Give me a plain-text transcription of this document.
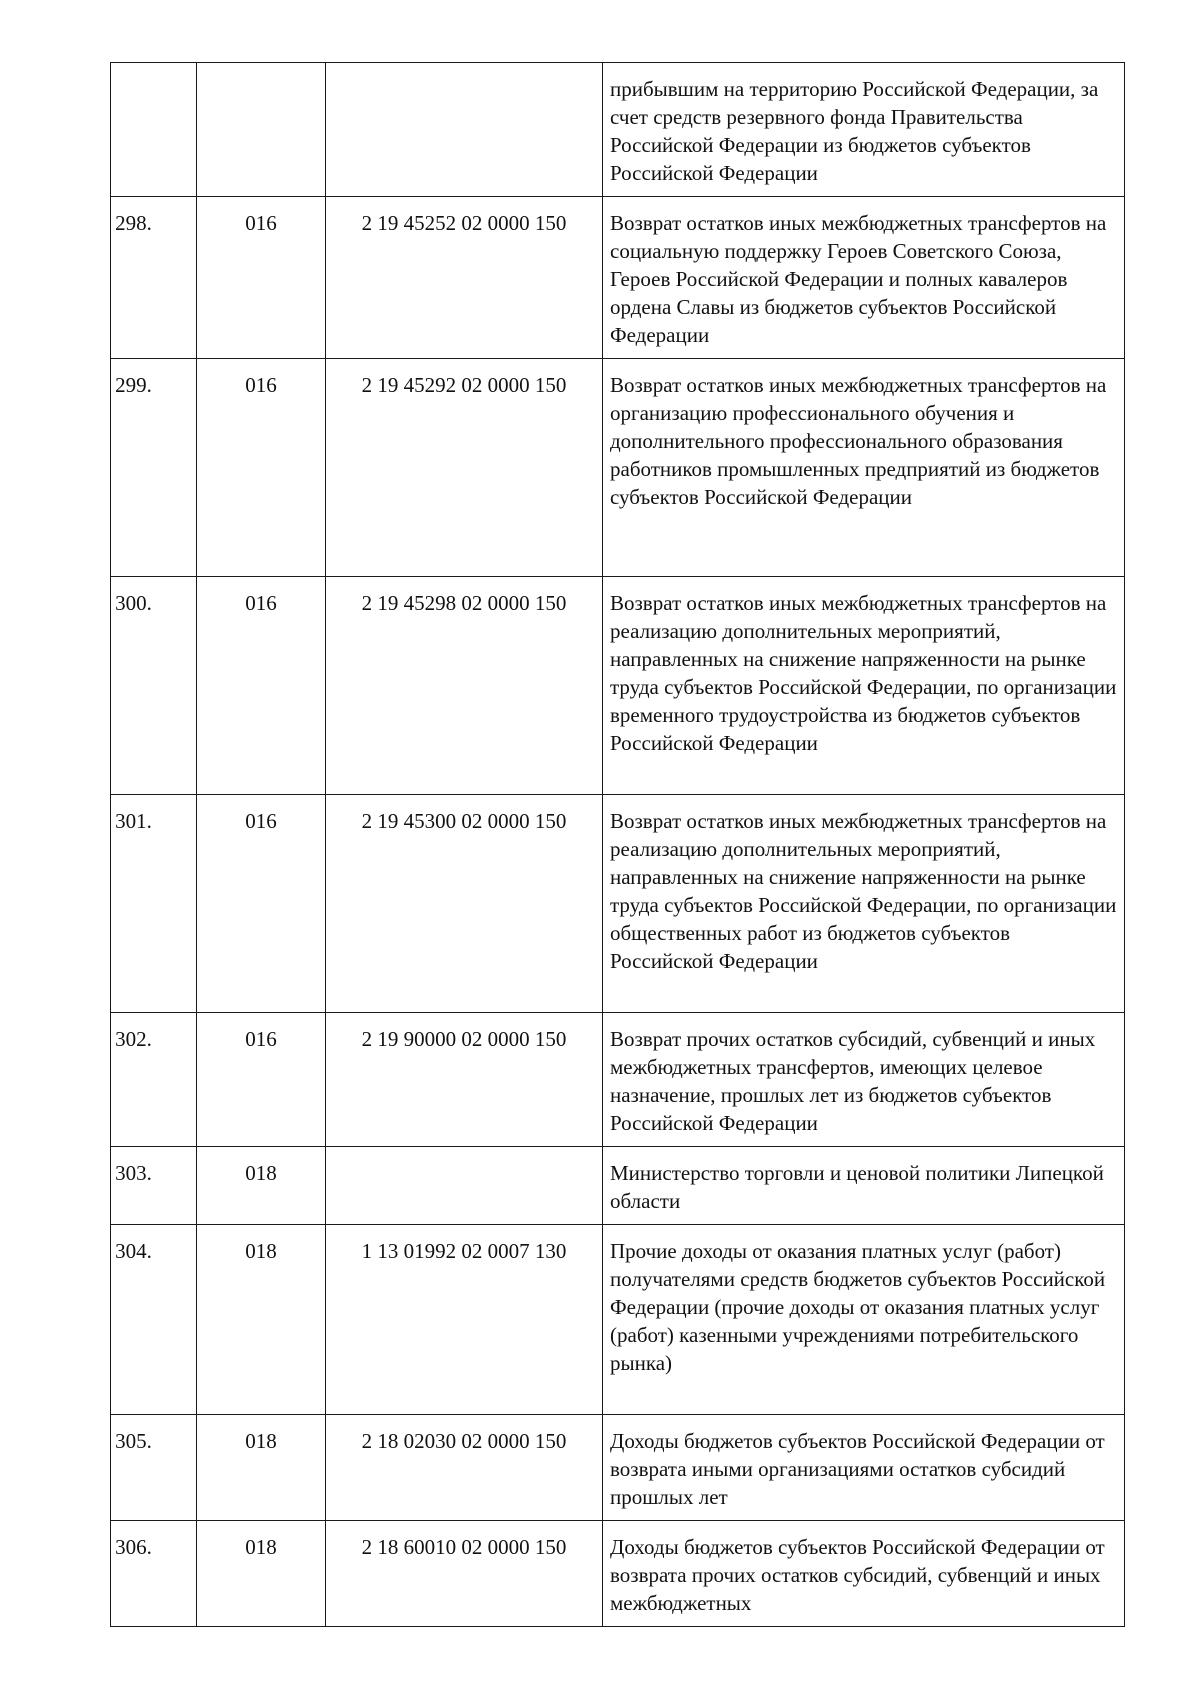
			прибывшим на территорию Российской Федерации, за счет средств резервного фонда Правительства Российской Федерации из бюджетов субъектов Российской Федерации
298.	016	2 19 45252 02 0000 150	Возврат остатков иных межбюджетных трансфертов на социальную поддержку Героев Советского Союза, Героев Российской Федерации и полных кавалеров ордена Славы из бюджетов субъектов Российской Федерации
299.	016	2 19 45292 02 0000 150	Возврат остатков иных межбюджетных трансфертов на организацию профессионального обучения и дополнительного профессионального образования работников промышленных предприятий из бюджетов субъектов Российской Федерации
300.	016	2 19 45298 02 0000 150	Возврат остатков иных межбюджетных трансфертов на реализацию дополнительных мероприятий, направленных на снижение напряженности на рынке труда субъектов Российской Федерации, по организации временного трудоустройства из бюджетов субъектов Российской Федерации
301.	016	2 19 45300 02 0000 150	Возврат остатков иных межбюджетных трансфертов на реализацию дополнительных мероприятий, направленных на снижение напряженности на рынке труда субъектов Российской Федерации, по организации общественных работ из бюджетов субъектов Российской Федерации
302.	016	2 19 90000 02 0000 150	Возврат прочих остатков субсидий, субвенций и иных межбюджетных трансфертов, имеющих целевое назначение, прошлых лет из бюджетов субъектов Российской Федерации
303.	018		Министерство торговли и ценовой политики Липецкой области
304.	018	1 13 01992 02 0007 130	Прочие доходы от оказания платных услуг (работ) получателями средств бюджетов субъектов Российской Федерации (прочие доходы от оказания платных услуг (работ) казенными учреждениями потребительского рынка)
305.	018	2 18 02030 02 0000 150	Доходы бюджетов субъектов Российской Федерации от возврата иными организациями остатков субсидий прошлых лет
306.	018	2 18 60010 02 0000 150	Доходы бюджетов субъектов Российской Федерации от возврата прочих остатков субсидий, субвенций и иных межбюджетных
